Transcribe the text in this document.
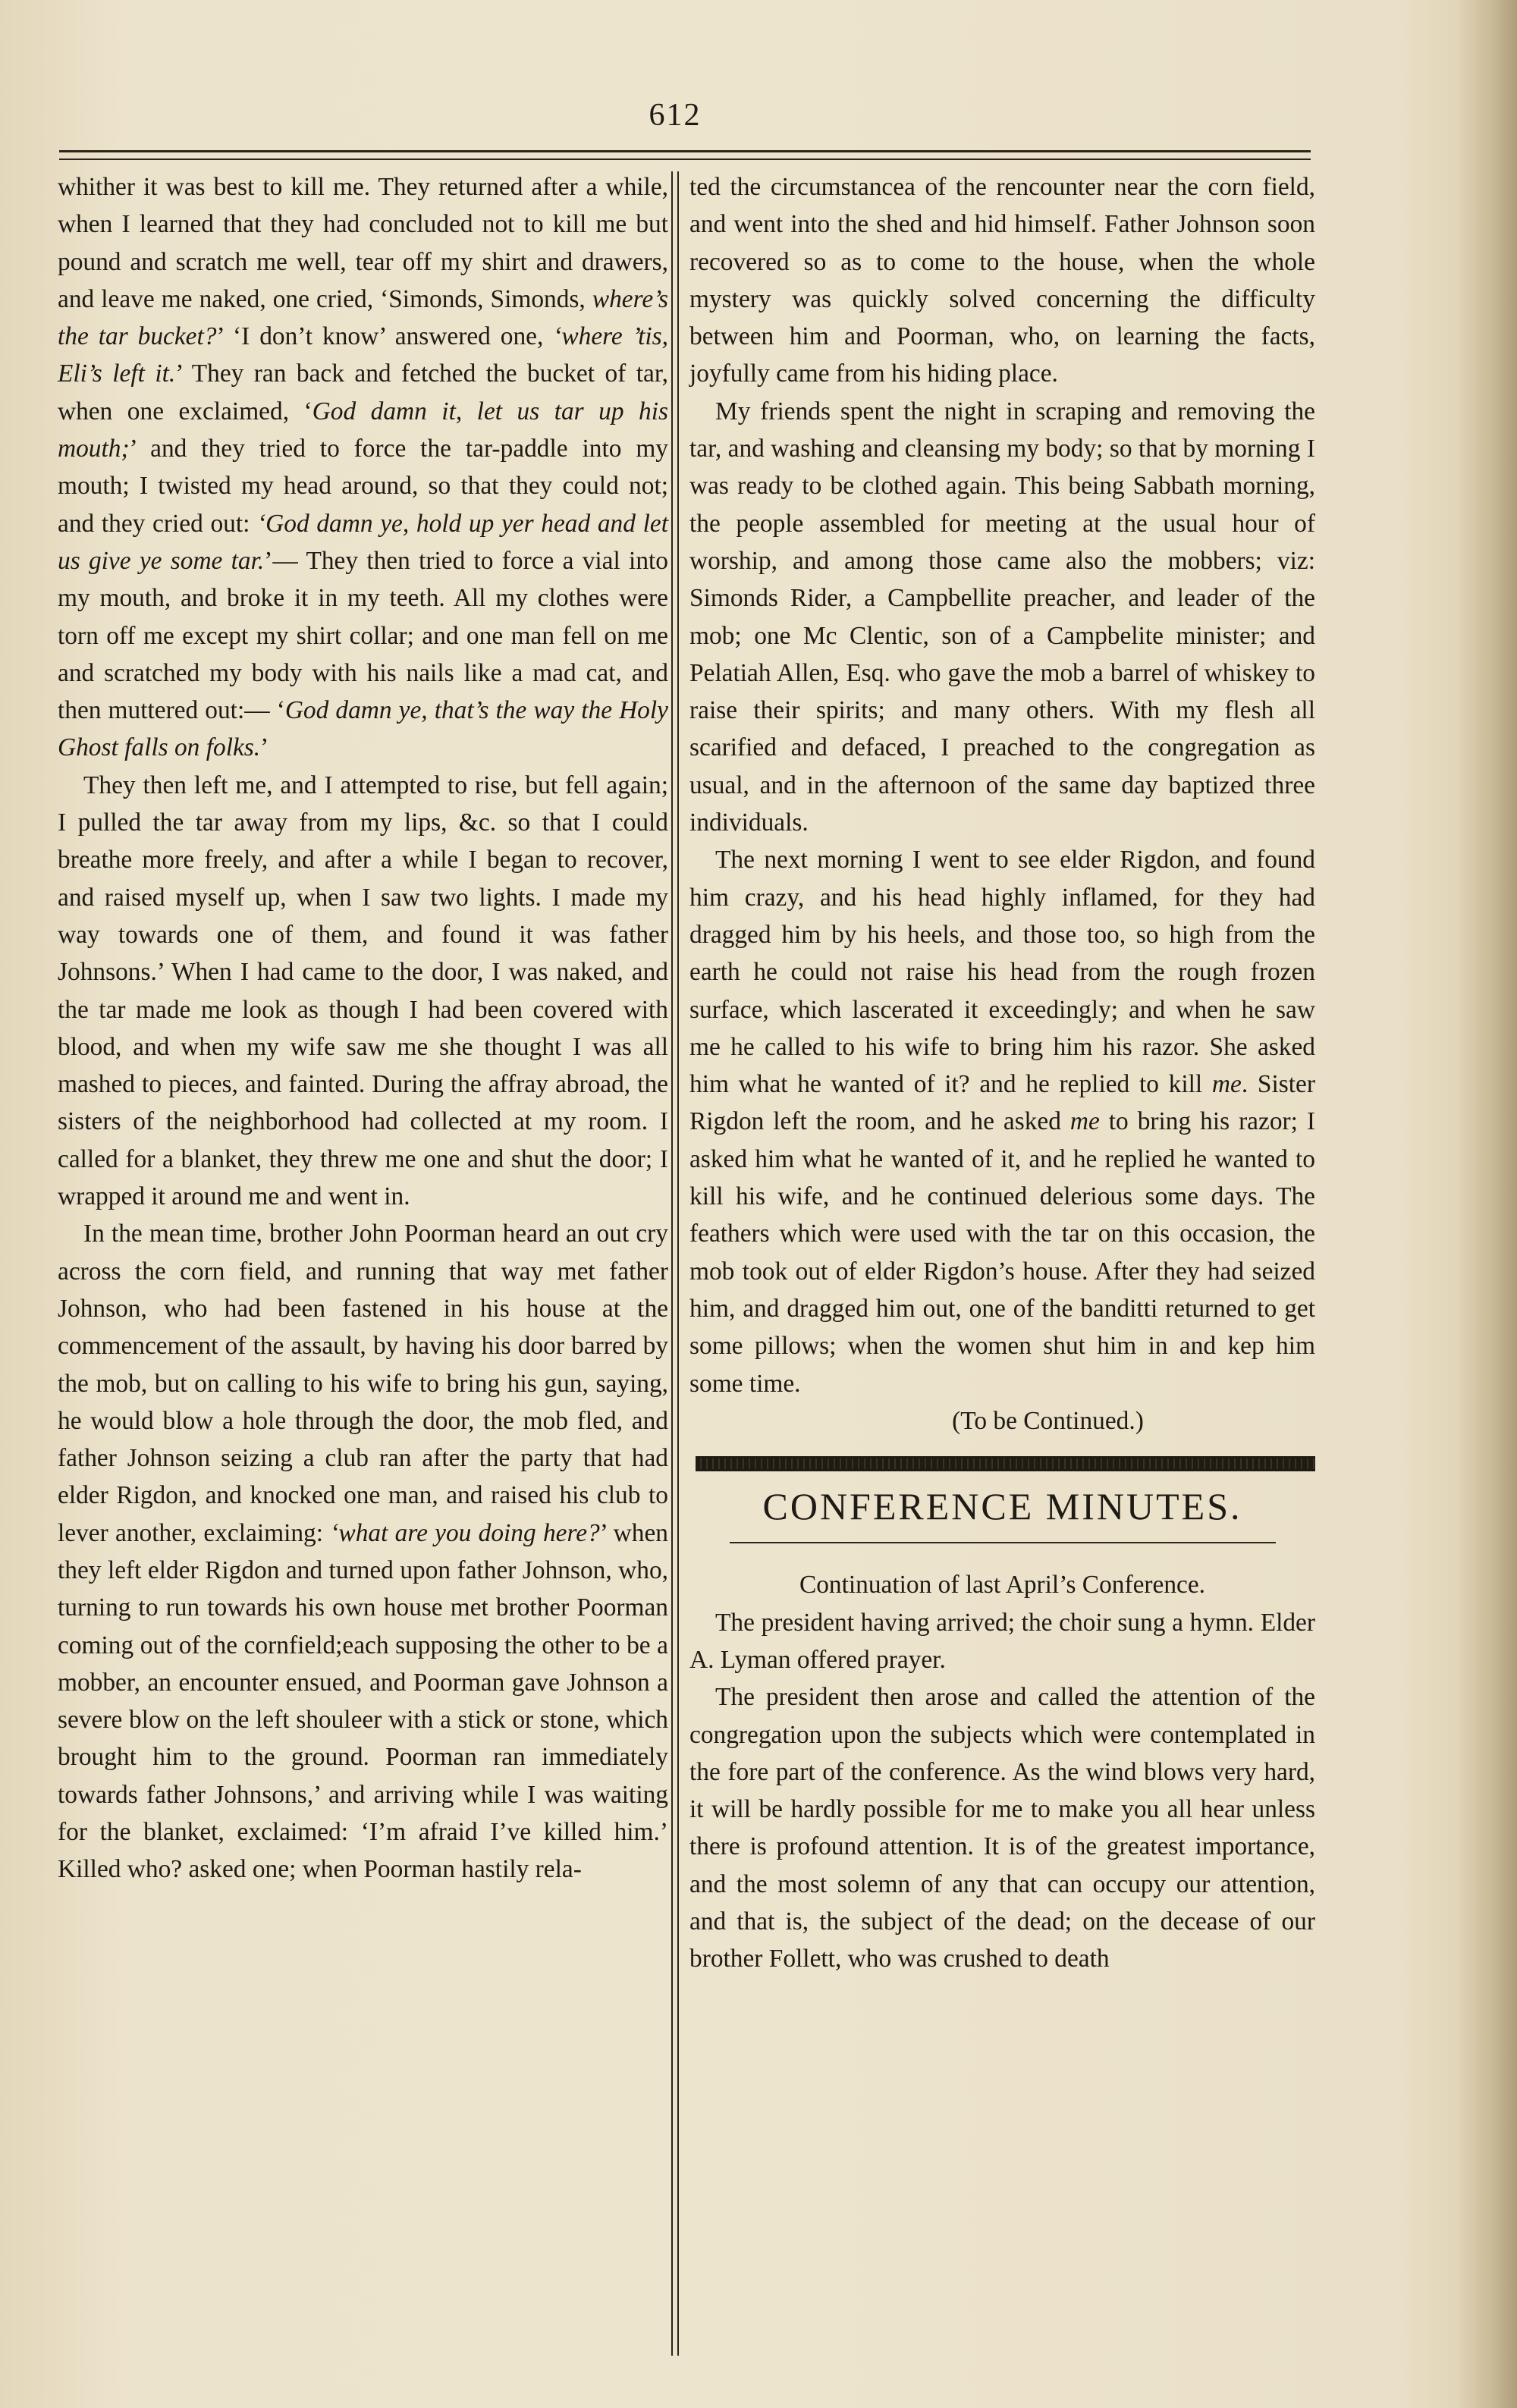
612

whither it was best to kill me. They returned after a while, when I learned that they had concluded not to kill me but pound and scratch me well, tear off my shirt and drawers, and leave me naked, one cried, ‘Simonds, Simonds, where’s the tar bucket?’ ‘I don’t know’ answered one, ‘where ’tis, Eli’s left it.’ They ran back and fetched the bucket of tar, when one exclaimed, ‘God damn it, let us tar up his mouth;’ and they tried to force the tar-paddle into my mouth; I twisted my head around, so that they could not; and they cried out: ‘God damn ye, hold up yer head and let us give ye some tar.’— They then tried to force a vial into my mouth, and broke it in my teeth. All my clothes were torn off me except my shirt collar; and one man fell on me and scratched my body with his nails like a mad cat, and then muttered out:— ‘God damn ye, that’s the way the Holy Ghost falls on folks.’

They then left me, and I attempted to rise, but fell again; I pulled the tar away from my lips, &c. so that I could breathe more freely, and after a while I began to recover, and raised myself up, when I saw two lights. I made my way towards one of them, and found it was father Johnsons.’ When I had came to the door, I was naked, and the tar made me look as though I had been covered with blood, and when my wife saw me she thought I was all mashed to pieces, and fainted. During the affray abroad, the sisters of the neighborhood had collected at my room. I called for a blanket, they threw me one and shut the door; I wrapped it around me and went in.

In the mean time, brother John Poorman heard an out cry across the corn field, and running that way met father Johnson, who had been fastened in his house at the commencement of the assault, by having his door barred by the mob, but on calling to his wife to bring his gun, saying, he would blow a hole through the door, the mob fled, and father Johnson seizing a club ran after the party that had elder Rigdon, and knocked one man, and raised his club to lever another, exclaiming: ‘what are you doing here?’ when they left elder Rigdon and turned upon father Johnson, who, turning to run towards his own house met brother Poorman coming out of the cornfield;each supposing the other to be a mobber, an encounter ensued, and Poorman gave Johnson a severe blow on the left shouleer with a stick or stone, which brought him to the ground. Poorman ran immediately towards father Johnsons,’ and arriving while I was waiting for the blanket, exclaimed: ‘I’m afraid I’ve killed him.’ Killed who? asked one; when Poorman hastily rela-

ted the circumstancea of the rencounter near the corn field, and went into the shed and hid himself. Father Johnson soon recovered so as to come to the house, when the whole mystery was quickly solved concerning the difficulty between him and Poorman, who, on learning the facts, joyfully came from his hiding place.

My friends spent the night in scraping and removing the tar, and washing and cleansing my body; so that by morning I was ready to be clothed again. This being Sabbath morning, the people assembled for meeting at the usual hour of worship, and among those came also the mobbers; viz: Simonds Rider, a Campbellite preacher, and leader of the mob; one Mc Clentic, son of a Campbelite minister; and Pelatiah Allen, Esq. who gave the mob a barrel of whiskey to raise their spirits; and many others. With my flesh all scarified and defaced, I preached to the congregation as usual, and in the afternoon of the same day baptized three individuals.

The next morning I went to see elder Rigdon, and found him crazy, and his head highly inflamed, for they had dragged him by his heels, and those too, so high from the earth he could not raise his head from the rough frozen surface, which lascerated it exceedingly; and when he saw me he called to his wife to bring him his razor. She asked him what he wanted of it? and he replied to kill me. Sister Rigdon left the room, and he asked me to bring his razor; I asked him what he wanted of it, and he replied he wanted to kill his wife, and he continued delerious some days. The feathers which were used with the tar on this occasion, the mob took out of elder Rigdon’s house. After they had seized him, and dragged him out, one of the banditti returned to get some pillows; when the women shut him in and kep him some time.

(To be Continued.)

CONFERENCE MINUTES.

Continuation of last April’s Conference.

The president having arrived; the choir sung a hymn. Elder A. Lyman offered prayer.

The president then arose and called the attention of the congregation upon the subjects which were contemplated in the fore part of the conference. As the wind blows very hard, it will be hardly possible for me to make you all hear unless there is profound attention. It is of the greatest importance, and the most solemn of any that can occupy our attention, and that is, the subject of the dead; on the decease of our brother Follett, who was crushed to death
